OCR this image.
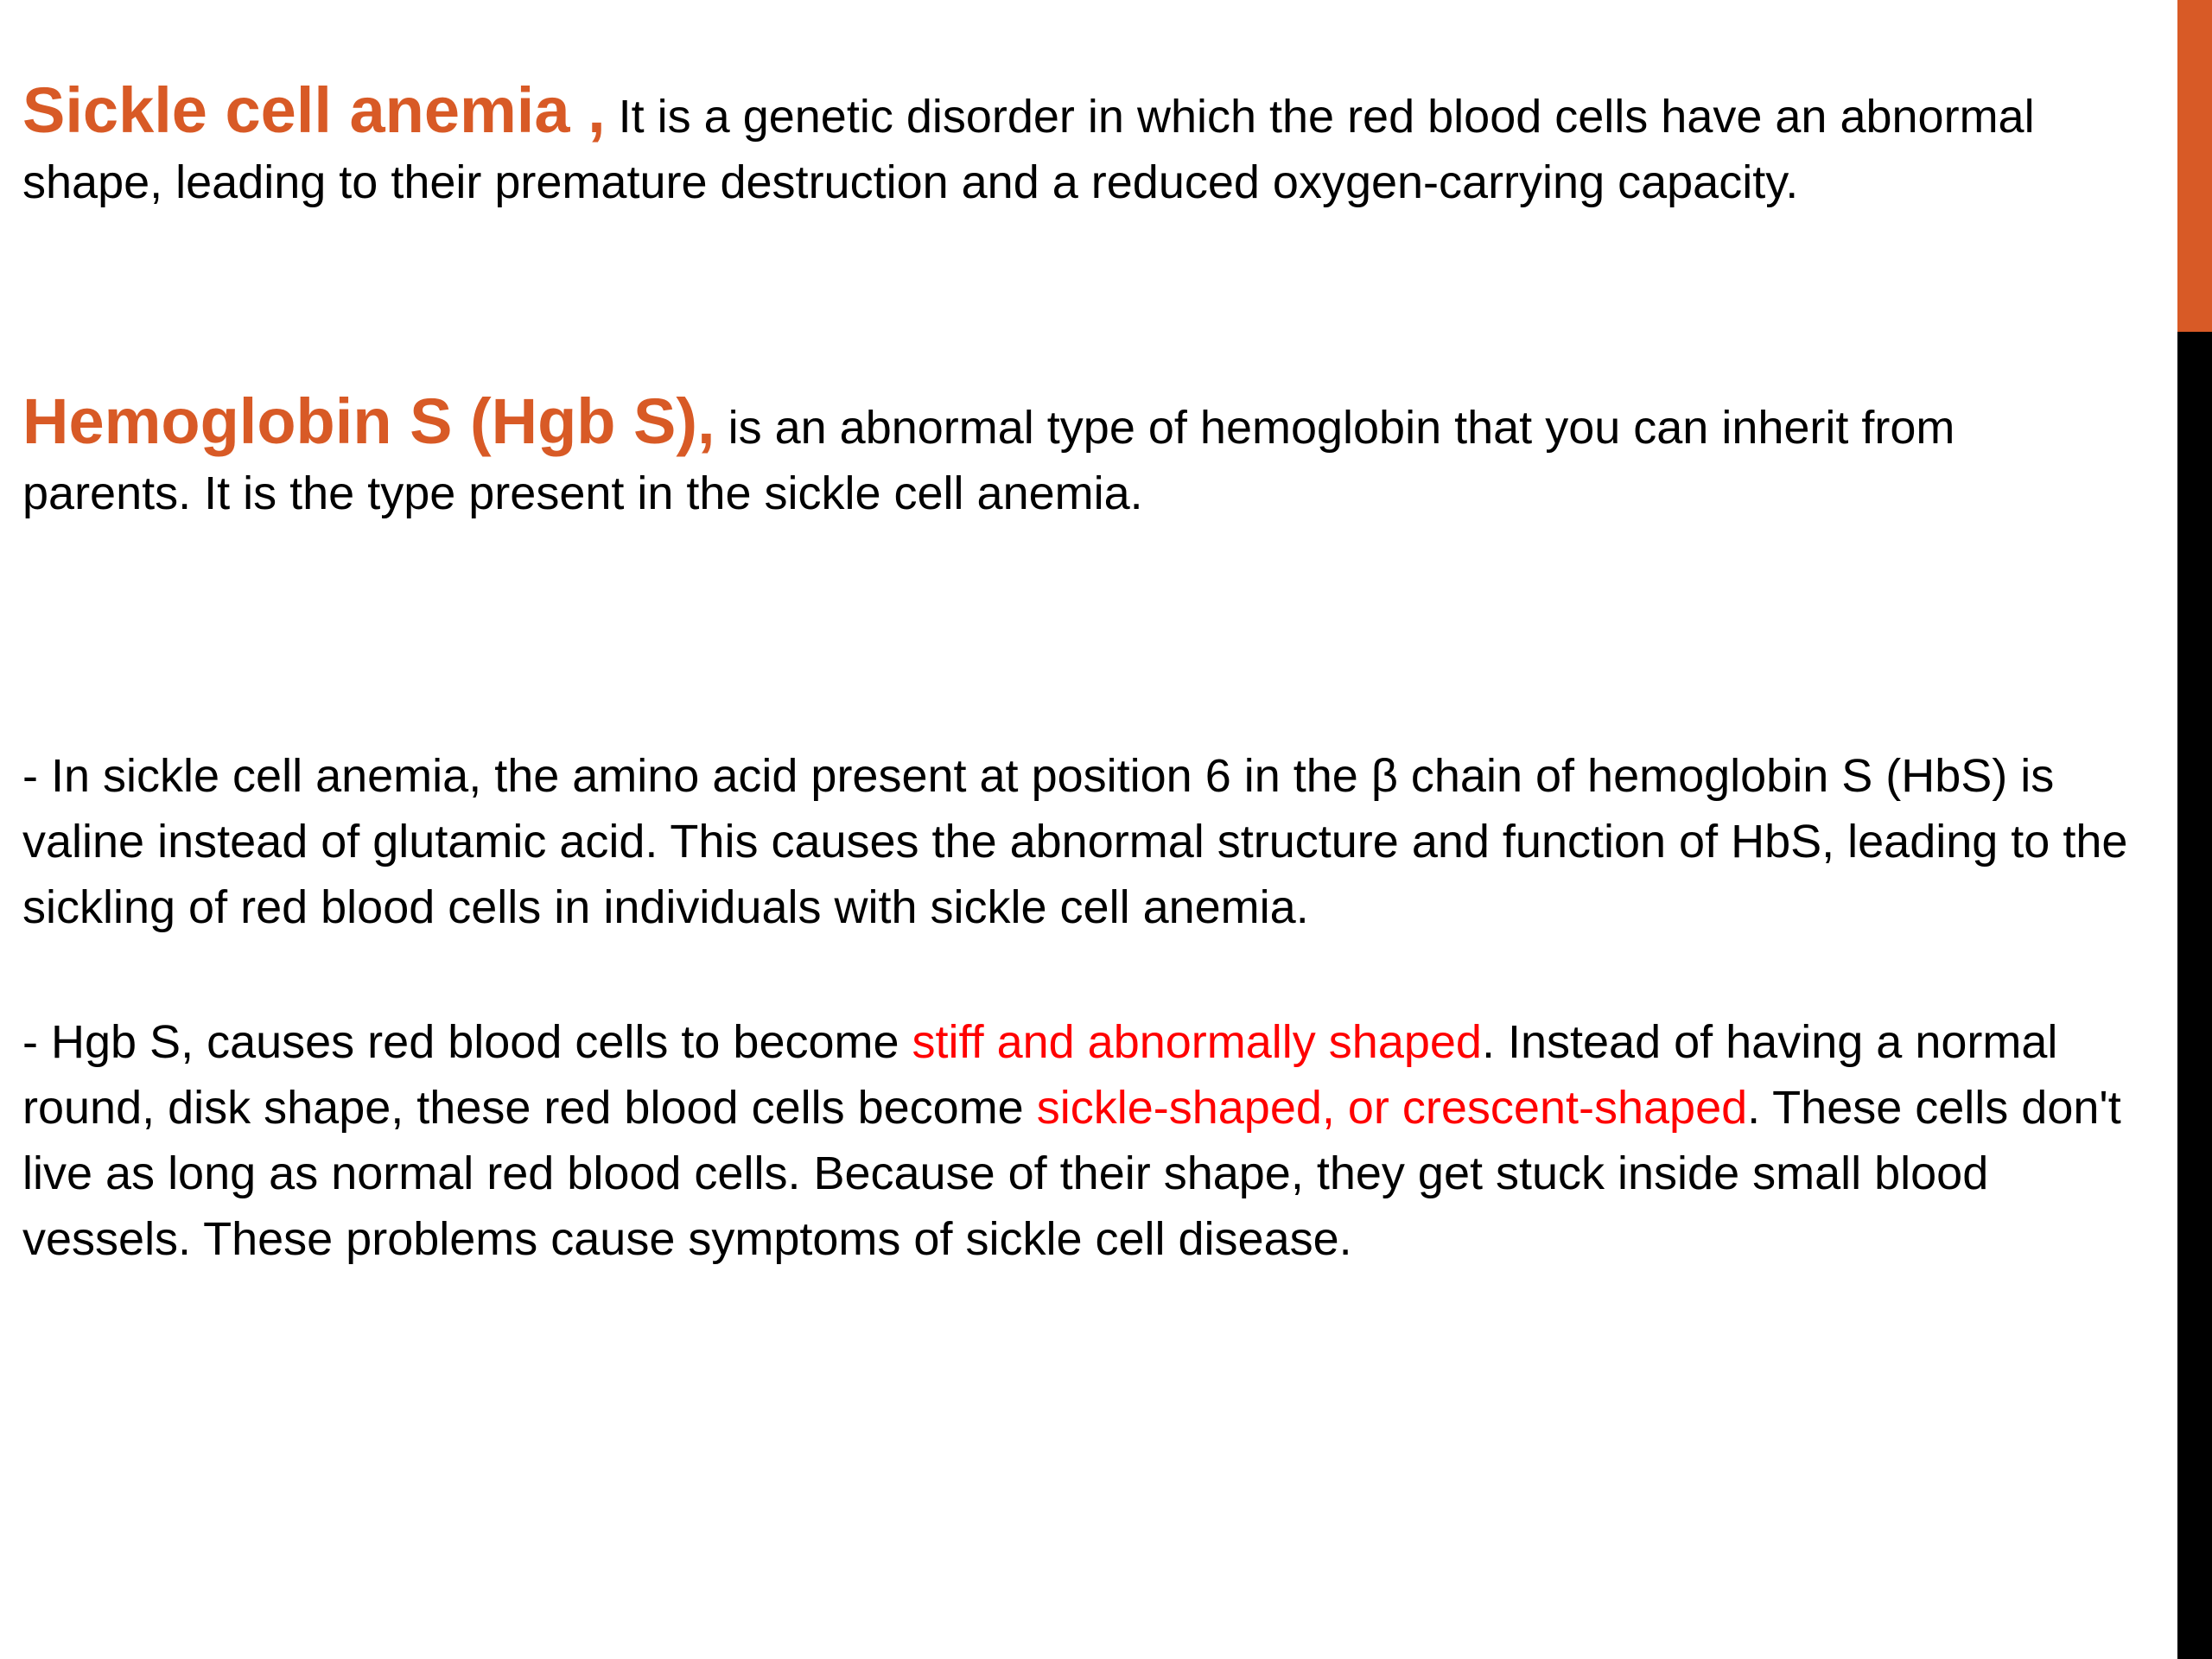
Sickle cell anemia , It is a genetic disorder in which the red blood cells have an abnormal shape, leading to their premature destruction and a reduced oxygen-carrying capacity.

Hemoglobin S (Hgb S), is an abnormal type of hemoglobin that you can inherit from parents. It is the type present in the sickle cell anemia.

- In sickle cell anemia, the amino acid present at position 6 in the β chain of hemoglobin S (HbS) is valine instead of glutamic acid. This causes the abnormal structure and function of HbS, leading to the sickling of red blood cells in individuals with sickle cell anemia.

- Hgb S, causes red blood cells to become stiff and abnormally shaped. Instead of having a normal round, disk shape, these red blood cells become sickle-shaped, or crescent-shaped. These cells don't live as long as normal red blood cells. Because of their shape, they get stuck inside small blood vessels. These problems cause symptoms of sickle cell disease.
